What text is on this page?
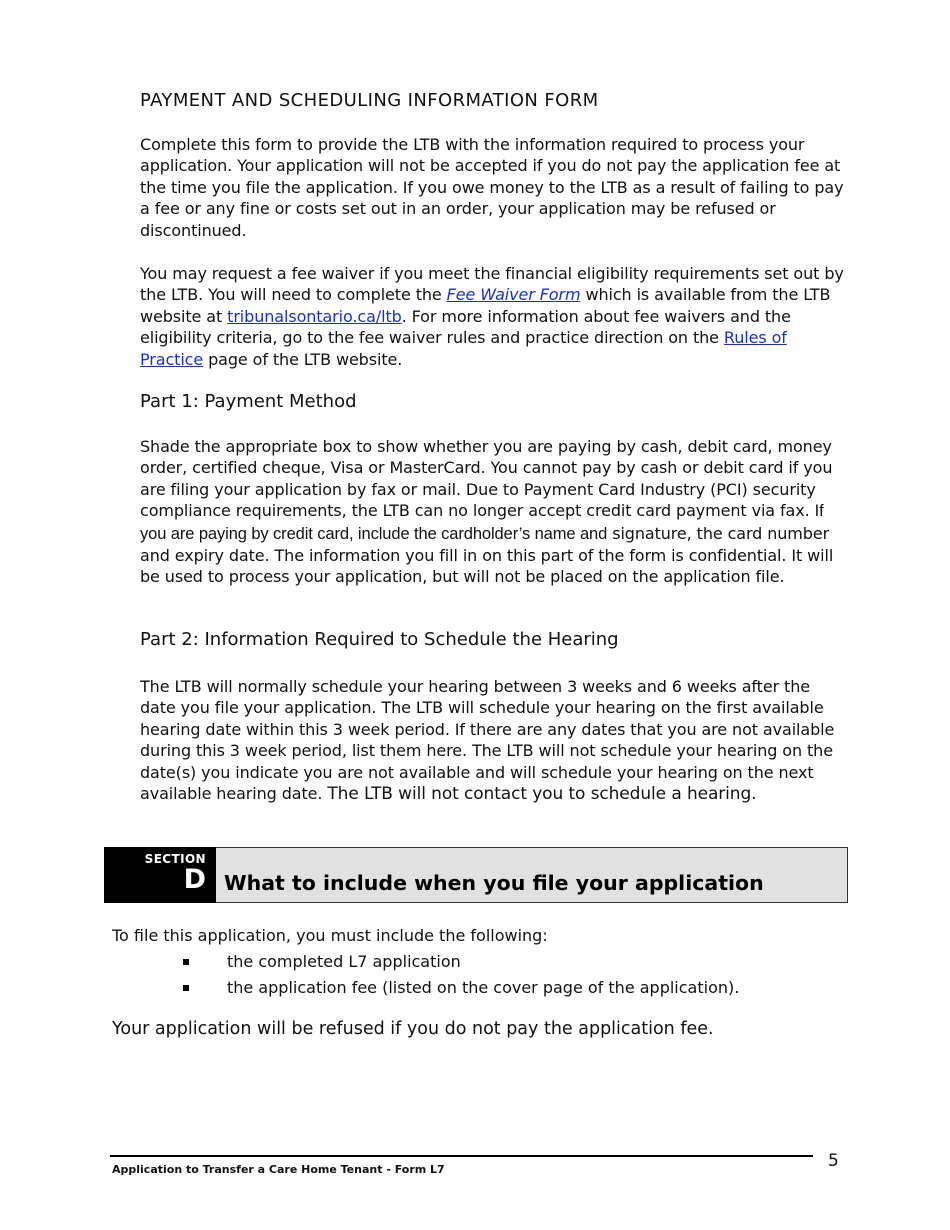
PAYMENT AND SCHEDULING INFORMATION FORM

Complete this form to provide the LTB with the information required to process your application. Your application will not be accepted if you do not pay the application fee at the time you file the application. If you owe money to the LTB as a result of failing to pay a fee or any fine or costs set out in an order, your application may be refused or discontinued.

You may request a fee waiver if you meet the financial eligibility requirements set out by the LTB. You will need to complete the Fee Waiver Form which is available from the LTB website at tribunalsontario.ca/ltb. For more information about fee waivers and the eligibility criteria, go to the fee waiver rules and practice direction on the Rules of Practice page of the LTB website.

Part 1: Payment Method

Shade the appropriate box to show whether you are paying by cash, debit card, money order, certified cheque, Visa or MasterCard. You cannot pay by cash or debit card if you are filing your application by fax or mail. Due to Payment Card Industry (PCI) security compliance requirements, the LTB can no longer accept credit card payment via fax. If you are paying by credit card, include the cardholder’s name and signature, the card number and expiry date. The information you fill in on this part of the form is confidential. It will be used to process your application, but will not be placed on the application file.

Part 2: Information Required to Schedule the Hearing

The LTB will normally schedule your hearing between 3 weeks and 6 weeks after the date you file your application. The LTB will schedule your hearing on the first available hearing date within this 3 week period. If there are any dates that you are not available during this 3 week period, list them here. The LTB will not schedule your hearing on the date(s) you indicate you are not available and will schedule your hearing on the next available hearing date. The LTB will not contact you to schedule a hearing.

SECTION
D What to include when you file your application
To file this application, you must include the following:
the completed L7 application
the application fee (listed on the cover page of the application).
Your application will be refused if you do not pay the application fee.
Application to Transfer a Care Home Tenant - Form L7	5
